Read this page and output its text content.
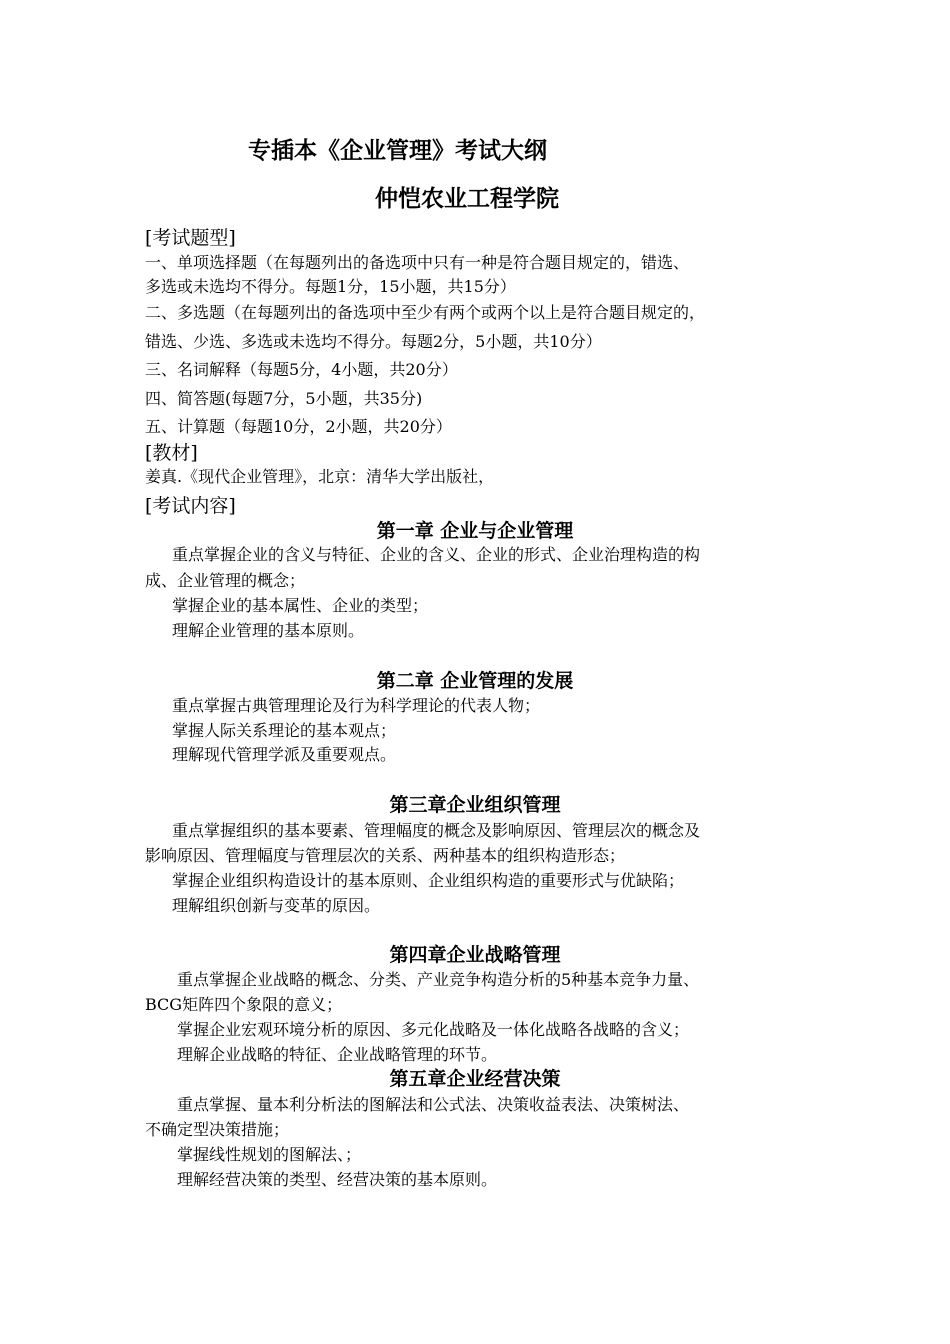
专插本《企业管理》考试大纲
仲恺农业工程学院
[考试题型]
一、单项选择题（在每题列出的备选项中只有一种是符合题目规定的，错选、
多选或未选均不得分。每题1分，15小题，共15分）
二、多选题（在每题列出的备选项中至少有两个或两个以上是符合题目规定的，
错选、少选、多选或未选均不得分。每题2分，5小题，共10分）
三、名词解释（每题5分，4小题，共20分）
四、简答题(每题7分，5小题，共35分)
五、计算题（每题10分，2小题，共20分）
[教材]
姜真.《现代企业管理》，北京：清华大学出版社，
[考试内容]
第一章 企业与企业管理
重点掌握企业的含义与特征、企业的含义、企业的形式、企业治理构造的构
成、企业管理的概念；
掌握企业的基本属性、企业的类型；
理解企业管理的基本原则。
第二章 企业管理的发展
重点掌握古典管理理论及行为科学理论的代表人物；
掌握人际关系理论的基本观点；
理解现代管理学派及重要观点。
第三章企业组织管理
重点掌握组织的基本要素、管理幅度的概念及影响原因、管理层次的概念及
影响原因、管理幅度与管理层次的关系、两种基本的组织构造形态；
掌握企业组织构造设计的基本原则、企业组织构造的重要形式与优缺陷；
理解组织创新与变革的原因。
第四章企业战略管理
重点掌握企业战略的概念、分类、产业竞争构造分析的5种基本竞争力量、
BCG矩阵四个象限的意义；
掌握企业宏观环境分析的原因、多元化战略及一体化战略各战略的含义；
理解企业战略的特征、企业战略管理的环节。
第五章企业经营决策
重点掌握、量本利分析法的图解法和公式法、决策收益表法、决策树法、
不确定型决策措施；
掌握线性规划的图解法、；
理解经营决策的类型、经营决策的基本原则。
